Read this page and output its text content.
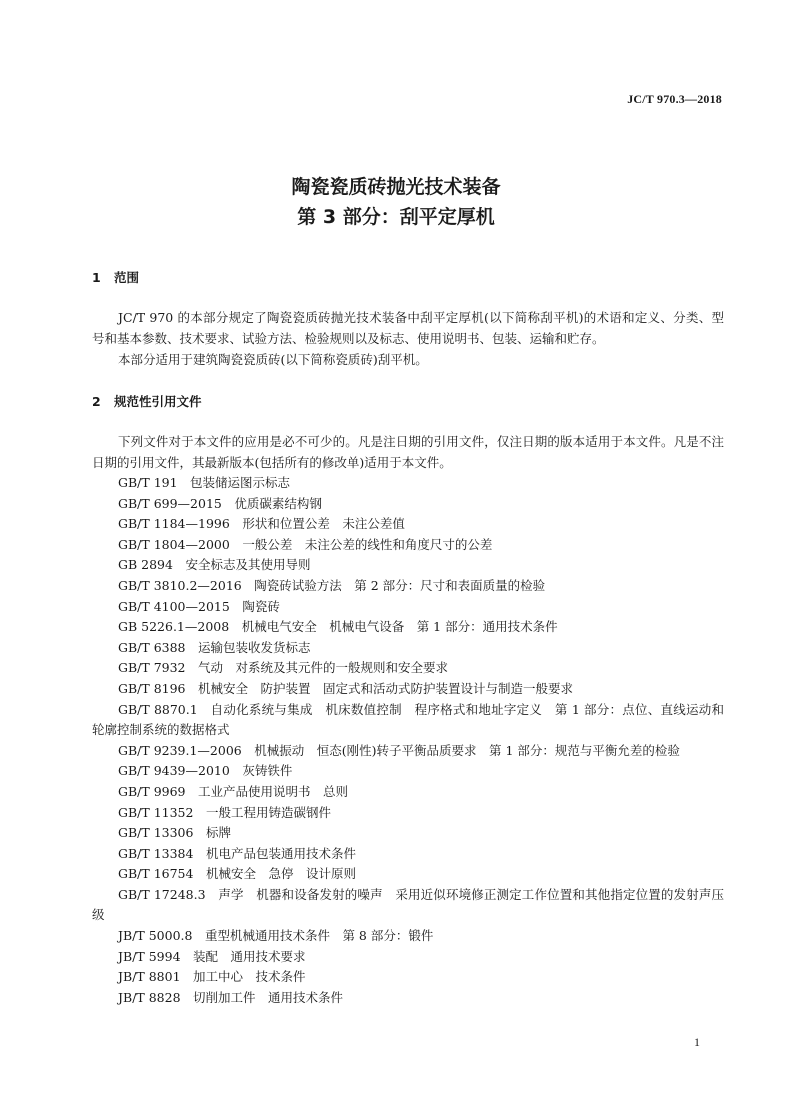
JC/T 970.3—2018
陶瓷瓷质砖抛光技术装备
第 3 部分：刮平定厚机
1 范围
JC/T 970 的本部分规定了陶瓷瓷质砖抛光技术装备中刮平定厚机(以下简称刮平机)的术语和定义、分类、型号和基本参数、技术要求、试验方法、检验规则以及标志、使用说明书、包装、运输和贮存。
本部分适用于建筑陶瓷瓷质砖(以下简称瓷质砖)刮平机。
2 规范性引用文件
下列文件对于本文件的应用是必不可少的。凡是注日期的引用文件，仅注日期的版本适用于本文件。凡是不注日期的引用文件，其最新版本(包括所有的修改单)适用于本文件。
GB/T 191　包装储运图示标志
GB/T 699—2015　优质碳素结构钢
GB/T 1184—1996　形状和位置公差　未注公差值
GB/T 1804—2000　一般公差　未注公差的线性和角度尺寸的公差
GB 2894　安全标志及其使用导则
GB/T 3810.2—2016　陶瓷砖试验方法　第 2 部分：尺寸和表面质量的检验
GB/T 4100—2015　陶瓷砖
GB 5226.1—2008　机械电气安全　机械电气设备　第 1 部分：通用技术条件
GB/T 6388　运输包装收发货标志
GB/T 7932　气动　对系统及其元件的一般规则和安全要求
GB/T 8196　机械安全　防护装置　固定式和活动式防护装置设计与制造一般要求
GB/T 8870.1　自动化系统与集成　机床数值控制　程序格式和地址字定义　第 1 部分：点位、直线运动和轮廓控制系统的数据格式
GB/T 9239.1—2006　机械振动　恒态(刚性)转子平衡品质要求　第 1 部分：规范与平衡允差的检验
GB/T 9439—2010　灰铸铁件
GB/T 9969　工业产品使用说明书　总则
GB/T 11352　一般工程用铸造碳钢件
GB/T 13306　标牌
GB/T 13384　机电产品包装通用技术条件
GB/T 16754　机械安全　急停　设计原则
GB/T 17248.3　声学　机器和设备发射的噪声　采用近似环境修正测定工作位置和其他指定位置的发射声压级
JB/T 5000.8　重型机械通用技术条件　第 8 部分：锻件
JB/T 5994　装配　通用技术要求
JB/T 8801　加工中心　技术条件
JB/T 8828　切削加工件　通用技术条件
1
